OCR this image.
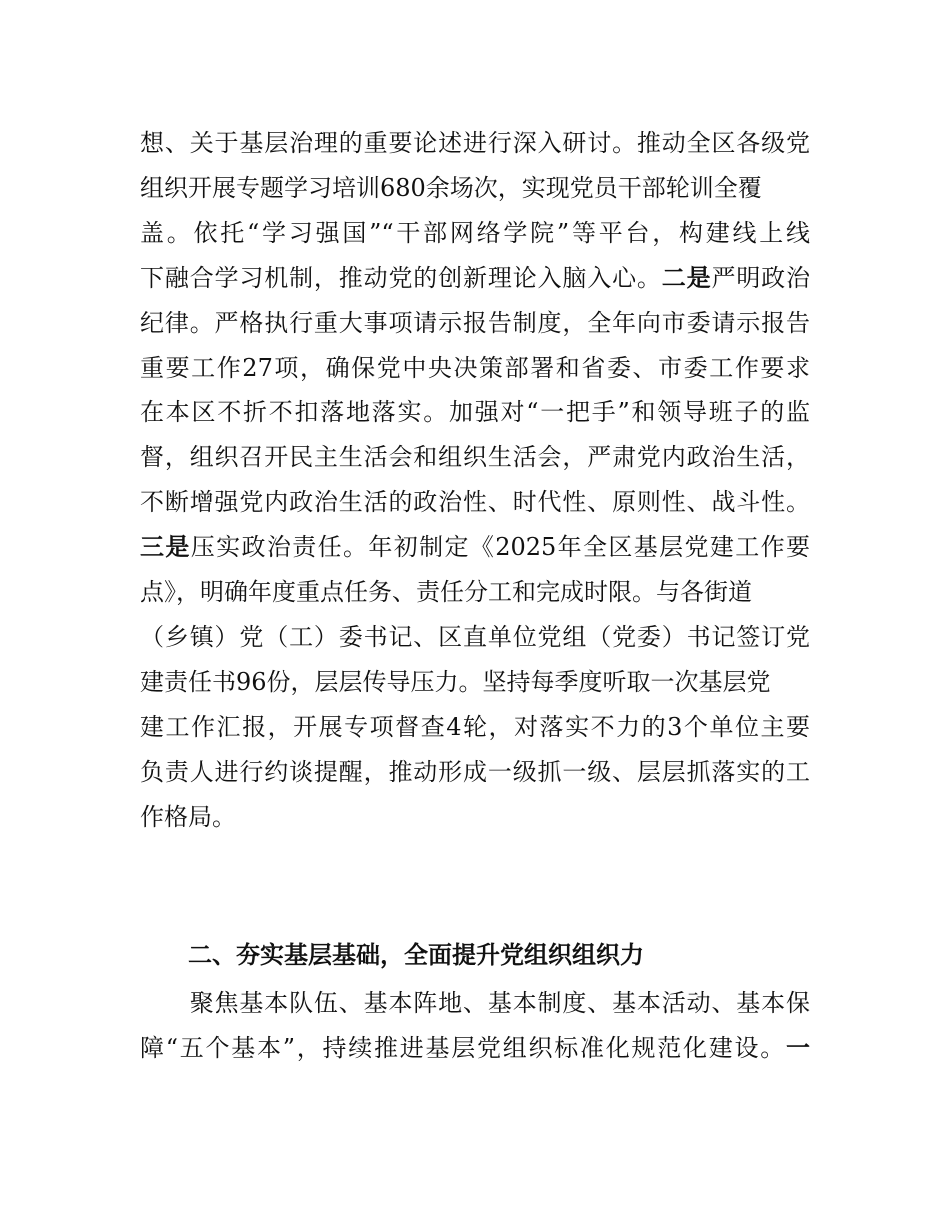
想、关于基层治理的重要论述进行深入研讨。推动全区各级党
组织开展专题学习培训680余场次，实现党员干部轮训全覆
盖。依托“学习强国”“干部网络学院”等平台，构建线上线
下融合学习机制，推动党的创新理论入脑入心。二是严明政治
纪律。严格执行重大事项请示报告制度，全年向市委请示报告
重要工作27项，确保党中央决策部署和省委、市委工作要求
在本区不折不扣落地落实。加强对“一把手”和领导班子的监
督，组织召开民主生活会和组织生活会，严肃党内政治生活，
不断增强党内政治生活的政治性、时代性、原则性、战斗性。
三是压实政治责任。年初制定《2025年全区基层党建工作要
点》，明确年度重点任务、责任分工和完成时限。与各街道
（乡镇）党（工）委书记、区直单位党组（党委）书记签订党
建责任书96份，层层传导压力。坚持每季度听取一次基层党
建工作汇报，开展专项督查4轮，对落实不力的3个单位主要
负责人进行约谈提醒，推动形成一级抓一级、层层抓落实的工
作格局。
　　聚焦基本队伍、基本阵地、基本制度、基本活动、基本保
障“五个基本”，持续推进基层党组织标准化规范化建设。一
二、夯实基层基础，全面提升党组织组织力
